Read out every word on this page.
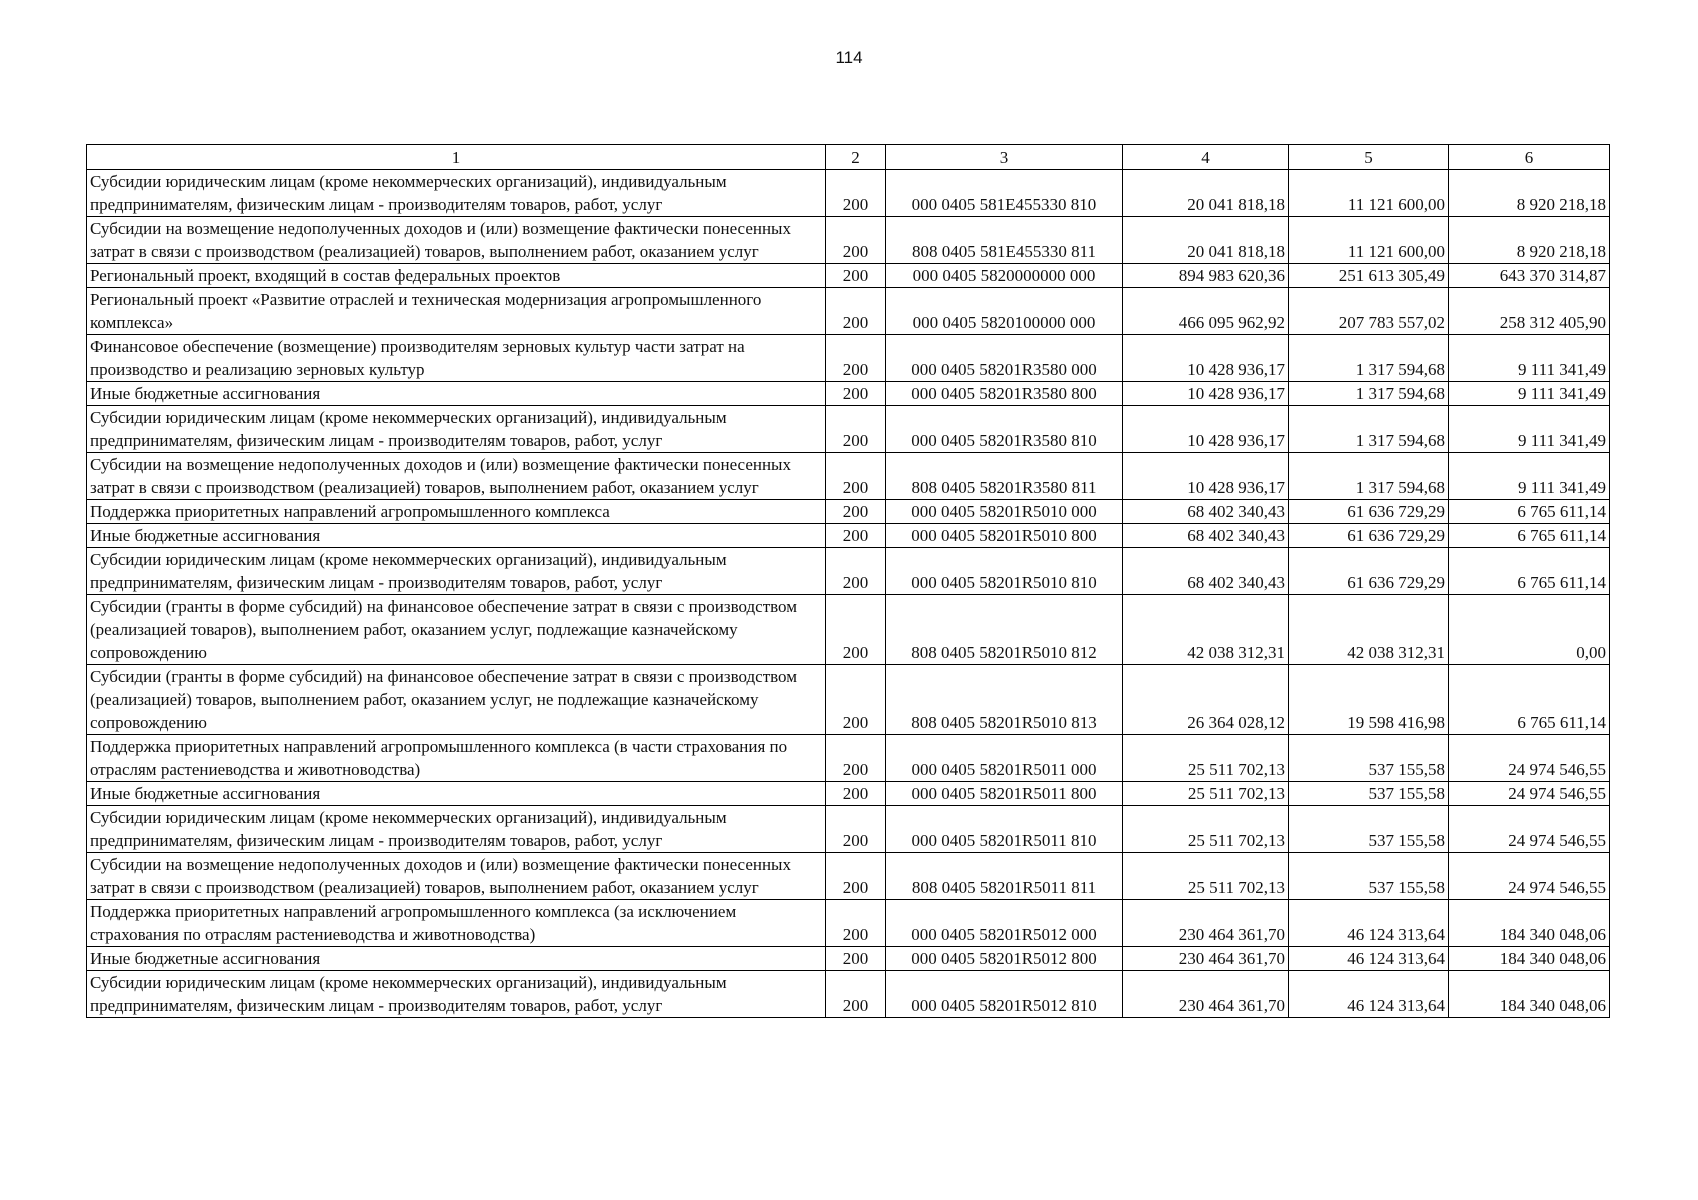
114
1	2	3	4	5	6
Субсидии юридическим лицам (кроме некоммерческих организаций), индивидуальным предпринимателям, физическим лицам - производителям товаров, работ, услуг	200	000 0405 581E455330 810	20 041 818,18	11 121 600,00	8 920 218,18
Субсидии на возмещение недополученных доходов и (или) возмещение фактически понесенных затрат в связи с производством (реализацией) товаров, выполнением работ, оказанием услуг	200	808 0405 581E455330 811	20 041 818,18	11 121 600,00	8 920 218,18
Региональный проект, входящий в состав федеральных проектов	200	000 0405 5820000000 000	894 983 620,36	251 613 305,49	643 370 314,87
Региональный проект «Развитие отраслей и техническая модернизация агропромышленного комплекса»	200	000 0405 5820100000 000	466 095 962,92	207 783 557,02	258 312 405,90
Финансовое обеспечение (возмещение) производителям зерновых культур части затрат на производство и реализацию зерновых культур	200	000 0405 58201R3580 000	10 428 936,17	1 317 594,68	9 111 341,49
Иные бюджетные ассигнования	200	000 0405 58201R3580 800	10 428 936,17	1 317 594,68	9 111 341,49
Субсидии юридическим лицам (кроме некоммерческих организаций), индивидуальным предпринимателям, физическим лицам - производителям товаров, работ, услуг	200	000 0405 58201R3580 810	10 428 936,17	1 317 594,68	9 111 341,49
Субсидии на возмещение недополученных доходов и (или) возмещение фактически понесенных затрат в связи с производством (реализацией) товаров, выполнением работ, оказанием услуг	200	808 0405 58201R3580 811	10 428 936,17	1 317 594,68	9 111 341,49
Поддержка приоритетных направлений агропромышленного комплекса	200	000 0405 58201R5010 000	68 402 340,43	61 636 729,29	6 765 611,14
Иные бюджетные ассигнования	200	000 0405 58201R5010 800	68 402 340,43	61 636 729,29	6 765 611,14
Субсидии юридическим лицам (кроме некоммерческих организаций), индивидуальным предпринимателям, физическим лицам - производителям товаров, работ, услуг	200	000 0405 58201R5010 810	68 402 340,43	61 636 729,29	6 765 611,14
Субсидии (гранты в форме субсидий) на финансовое обеспечение затрат в связи с производством (реализацией товаров), выполнением работ, оказанием услуг, подлежащие казначейскому сопровождению	200	808 0405 58201R5010 812	42 038 312,31	42 038 312,31	0,00
Субсидии (гранты в форме субсидий) на финансовое обеспечение затрат в связи с производством (реализацией) товаров, выполнением работ, оказанием услуг, не подлежащие казначейскому сопровождению	200	808 0405 58201R5010 813	26 364 028,12	19 598 416,98	6 765 611,14
Поддержка приоритетных направлений агропромышленного комплекса (в части страхования по отраслям растениеводства и животноводства)	200	000 0405 58201R5011 000	25 511 702,13	537 155,58	24 974 546,55
Иные бюджетные ассигнования	200	000 0405 58201R5011 800	25 511 702,13	537 155,58	24 974 546,55
Субсидии юридическим лицам (кроме некоммерческих организаций), индивидуальным предпринимателям, физическим лицам - производителям товаров, работ, услуг	200	000 0405 58201R5011 810	25 511 702,13	537 155,58	24 974 546,55
Субсидии на возмещение недополученных доходов и (или) возмещение фактически понесенных затрат в связи с производством (реализацией) товаров, выполнением работ, оказанием услуг	200	808 0405 58201R5011 811	25 511 702,13	537 155,58	24 974 546,55
Поддержка приоритетных направлений агропромышленного комплекса (за исключением страхования по отраслям растениеводства и животноводства)	200	000 0405 58201R5012 000	230 464 361,70	46 124 313,64	184 340 048,06
Иные бюджетные ассигнования	200	000 0405 58201R5012 800	230 464 361,70	46 124 313,64	184 340 048,06
Субсидии юридическим лицам (кроме некоммерческих организаций), индивидуальным предпринимателям, физическим лицам - производителям товаров, работ, услуг	200	000 0405 58201R5012 810	230 464 361,70	46 124 313,64	184 340 048,06
